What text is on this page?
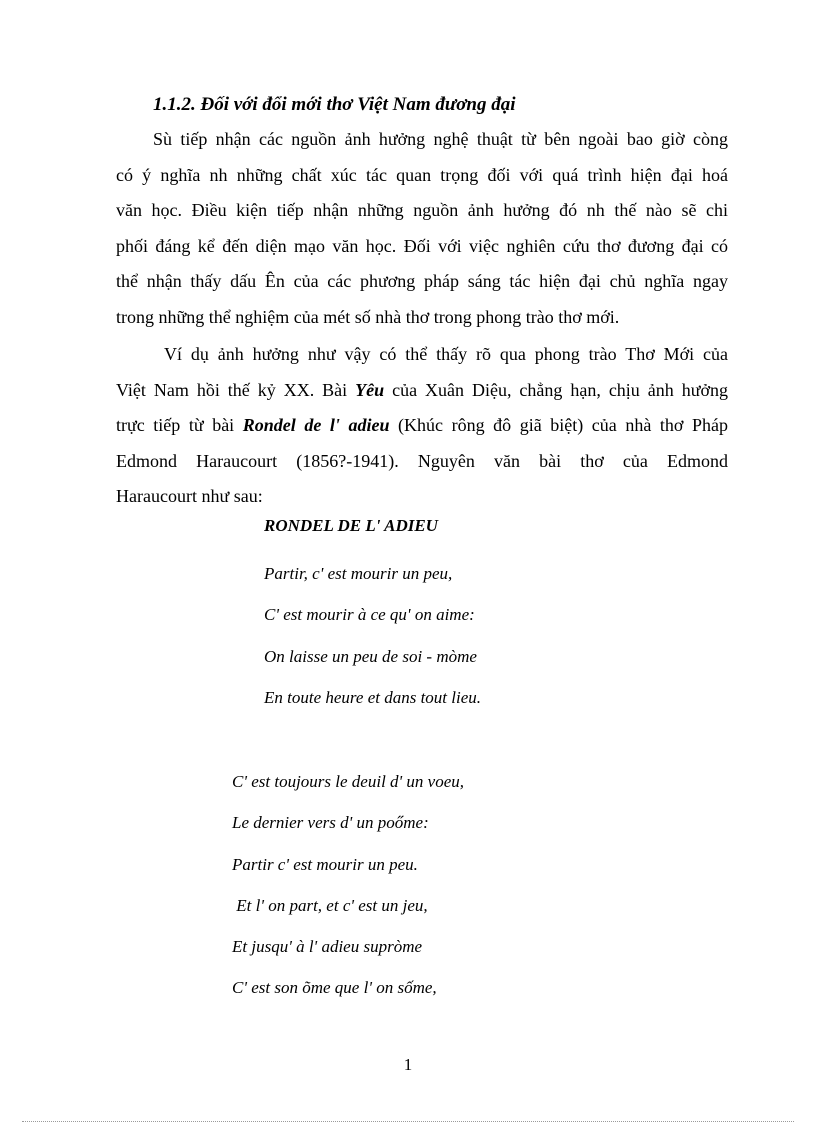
1.1.2. Đối với đổi mới thơ Việt Nam đương đại
Sù tiếp nhận các nguồn ảnh hưởng nghệ thuật từ bên ngoài bao giờ còng
có ý nghĩa nh những chất xúc tác quan trọng đối với quá trình hiện đại hoá
văn học. Điều kiện tiếp nhận những nguồn ảnh hưởng đó nh thế nào sẽ chi
phối đáng kể đến diện mạo văn học. Đối với việc nghiên cứu thơ đương đại có
thể nhận thấy dấu Ên của các phương pháp sáng tác hiện đại chủ nghĩa ngay
trong những thể nghiệm của mét số nhà thơ trong phong trào thơ mới.
Ví dụ ảnh hưởng như vậy có thể thấy rõ qua phong trào Thơ Mới của
Việt Nam hồi thế kỷ XX. Bài Yêu của Xuân Diệu, chẳng hạn, chịu ảnh hưởng
trực tiếp từ bài Rondel de l' adieu (Khúc rông đô giã biệt) của nhà thơ Pháp
Edmond Haraucourt (1856?-1941). Nguyên văn bài thơ của Edmond
Haraucourt như sau:
RONDEL DE L' ADIEU
Partir, c' est mourir un peu,
C' est mourir à ce qu' on aime:
On laisse un peu de soi - mòme
En toute heure et dans tout lieu.
C' est toujours le deuil d' un voeu,
Le dernier vers d' un poőme:
Partir c' est mourir un peu.
Et l' on part, et c' est un jeu,
Et jusqu' à l' adieu supròme
C' est son õme que l' on sốme,
1
